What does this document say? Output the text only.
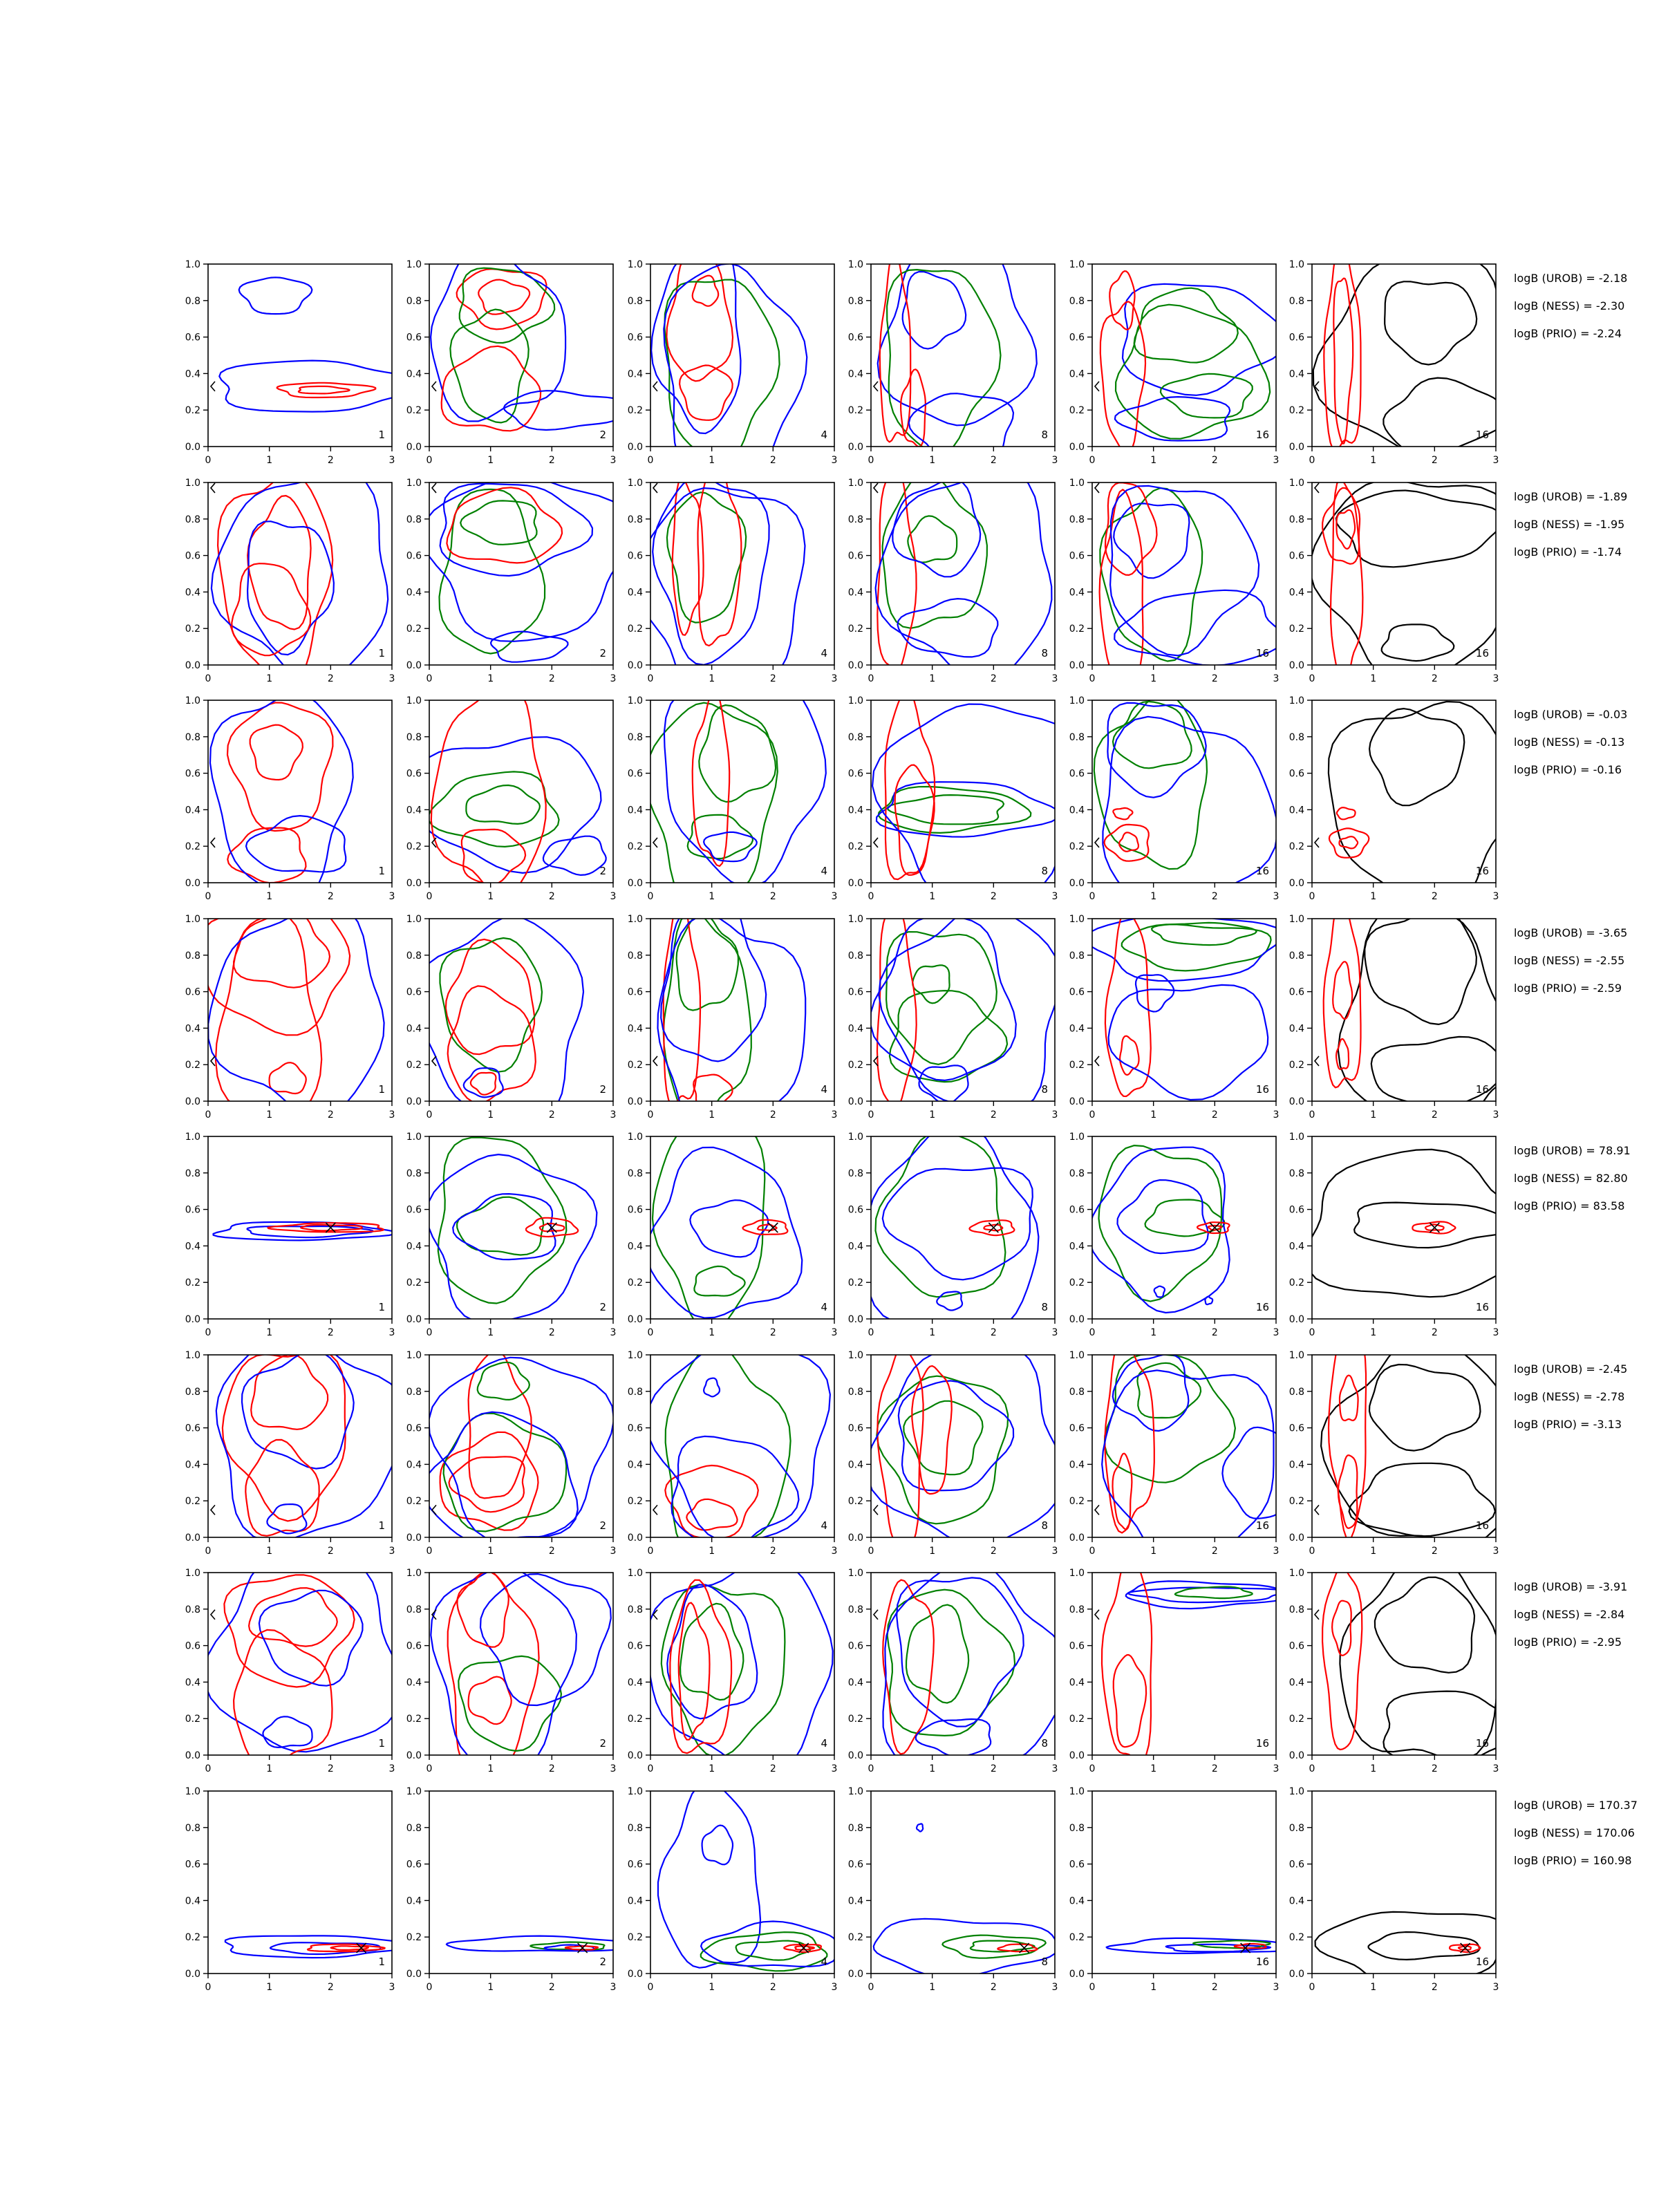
1
0	1	2	3
0.0
0.2
0.4
0.6
0.8
1.0
2
0	1	2	3
0.0
0.2
0.4
0.6
0.8
1.0
4
0	1	2	3
0.0
0.2
0.4
0.6
0.8
1.0
8
0	1	2	3
0.0
0.2
0.4
0.6
0.8
1.0
16
0	1	2	3
0.0
0.2
0.4
0.6
0.8
1.0
16
0	1	2	3
0.0
0.2
0.4
0.6
0.8
1.0
logB (UROB) = -2.18
logB (NESS) = -2.30
logB (PRIO) = -2.24
1
0	1	2	3
0.0
0.2
0.4
0.6
0.8
1.0
2
0	1	2	3
0.0
0.2
0.4
0.6
0.8
1.0
4
0	1	2	3
0.0
0.2
0.4
0.6
0.8
1.0
8
0	1	2	3
0.0
0.2
0.4
0.6
0.8
1.0
16
0	1	2	3
0.0
0.2
0.4
0.6
0.8
1.0
16
0	1	2	3
0.0
0.2
0.4
0.6
0.8
1.0
logB (UROB) = -1.89
logB (NESS) = -1.95
logB (PRIO) = -1.74
1
0	1	2	3
0.0
0.2
0.4
0.6
0.8
1.0
2
0	1	2	3
0.0
0.2
0.4
0.6
0.8
1.0
4
0	1	2	3
0.0
0.2
0.4
0.6
0.8
1.0
8
0	1	2	3
0.0
0.2
0.4
0.6
0.8
1.0
16
0	1	2	3
0.0
0.2
0.4
0.6
0.8
1.0
16
0	1	2	3
0.0
0.2
0.4
0.6
0.8
1.0
logB (UROB) = -0.03
logB (NESS) = -0.13
logB (PRIO) = -0.16
1
0	1	2	3
0.0
0.2
0.4
0.6
0.8
1.0
2
0	1	2	3
0.0
0.2
0.4
0.6
0.8
1.0
4
0	1	2	3
0.0
0.2
0.4
0.6
0.8
1.0
8
0	1	2	3
0.0
0.2
0.4
0.6
0.8
1.0
16
0	1	2	3
0.0
0.2
0.4
0.6
0.8
1.0
16
0	1	2	3
0.0
0.2
0.4
0.6
0.8
1.0
logB (UROB) = -3.65
logB (NESS) = -2.55
logB (PRIO) = -2.59
1
0	1	2	3
0.0
0.2
0.4
0.6
0.8
1.0
2
0	1	2	3
0.0
0.2
0.4
0.6
0.8
1.0
4
0	1	2	3
0.0
0.2
0.4
0.6
0.8
1.0
8
0	1	2	3
0.0
0.2
0.4
0.6
0.8
1.0
16
0	1	2	3
0.0
0.2
0.4
0.6
0.8
1.0
16
0	1	2	3
0.0
0.2
0.4
0.6
0.8
1.0
logB (UROB) = 78.91
logB (NESS) = 82.80
logB (PRIO) = 83.58
1
0	1	2	3
0.0
0.2
0.4
0.6
0.8
1.0
2
0	1	2	3
0.0
0.2
0.4
0.6
0.8
1.0
4
0	1	2	3
0.0
0.2
0.4
0.6
0.8
1.0
8
0	1	2	3
0.0
0.2
0.4
0.6
0.8
1.0
16
0	1	2	3
0.0
0.2
0.4
0.6
0.8
1.0
16
0	1	2	3
0.0
0.2
0.4
0.6
0.8
1.0
logB (UROB) = -2.45
logB (NESS) = -2.78
logB (PRIO) = -3.13
1
0	1	2	3
0.0
0.2
0.4
0.6
0.8
1.0
2
0	1	2	3
0.0
0.2
0.4
0.6
0.8
1.0
4
0	1	2	3
0.0
0.2
0.4
0.6
0.8
1.0
8
0	1	2	3
0.0
0.2
0.4
0.6
0.8
1.0
16
0	1	2	3
0.0
0.2
0.4
0.6
0.8
1.0
16
0	1	2	3
0.0
0.2
0.4
0.6
0.8
1.0
logB (UROB) = -3.91
logB (NESS) = -2.84
logB (PRIO) = -2.95
1
0	1	2	3
0.0
0.2
0.4
0.6
0.8
1.0
2
0	1	2	3
0.0
0.2
0.4
0.6
0.8
1.0
4
0	1	2	3
0.0
0.2
0.4
0.6
0.8
1.0
8
0	1	2	3
0.0
0.2
0.4
0.6
0.8
1.0
16
0	1	2	3
0.0
0.2
0.4
0.6
0.8
1.0
16
0	1	2	3
0.0
0.2
0.4
0.6
0.8
1.0
logB (UROB) = 170.37
logB (NESS) = 170.06
logB (PRIO) = 160.98
